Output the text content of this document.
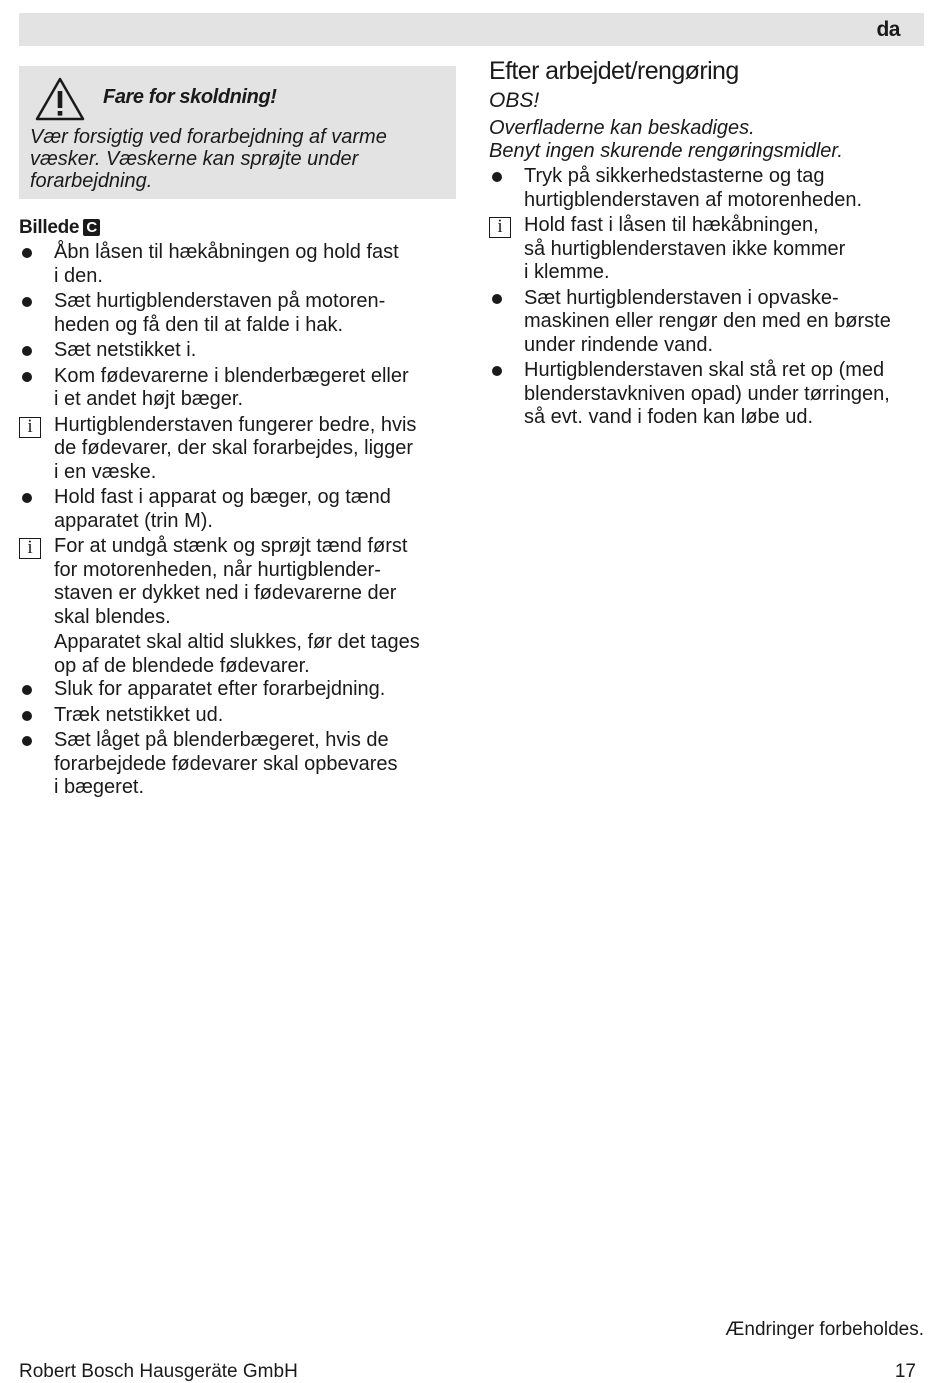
da
Fare for skoldning!
Vær forsigtig ved forarbejdning af varme
væsker. Væskerne kan sprøjte under
forarbejdning.
Billede C
Åbn låsen til hækåbningen og hold fast
i den.
Sæt hurtigblenderstaven på motoren-
heden og få den til at falde i hak.
Sæt netstikket i.
Kom fødevarerne i blenderbægeret eller
i et andet højt bæger.
i	Hurtigblenderstaven fungerer bedre, hvis
de fødevarer, der skal forarbejdes, ligger
i en væske.
Hold fast i apparat og bæger, og tænd
apparatet (trin M).
i	For at undgå stænk og sprøjt tænd først
for motorenheden, når hurtigblender-
staven er dykket ned i fødevarerne der
skal blendes.
Apparatet skal altid slukkes, før det tages
op af de blendede fødevarer.
Sluk for apparatet efter forarbejdning.
Træk netstikket ud.
Sæt låget på blenderbægeret, hvis de
forarbejdede fødevarer skal opbevares
i bægeret.
Efter arbejdet/rengøring
OBS!
Overfladerne kan beskadiges.
Benyt ingen skurende rengøringsmidler.
Tryk på sikkerhedstasterne og tag
hurtigblenderstaven af motorenheden.
i	Hold fast i låsen til hækåbningen,
så hurtigblenderstaven ikke kommer
i klemme.
Sæt hurtigblenderstaven i opvaske-
maskinen eller rengør den med en børste
under rindende vand.
Hurtigblenderstaven skal stå ret op (med
blenderstavkniven opad) under tørringen,
så evt. vand i foden kan løbe ud.
Ændringer forbeholdes.
Robert Bosch Hausgeräte GmbH	17
